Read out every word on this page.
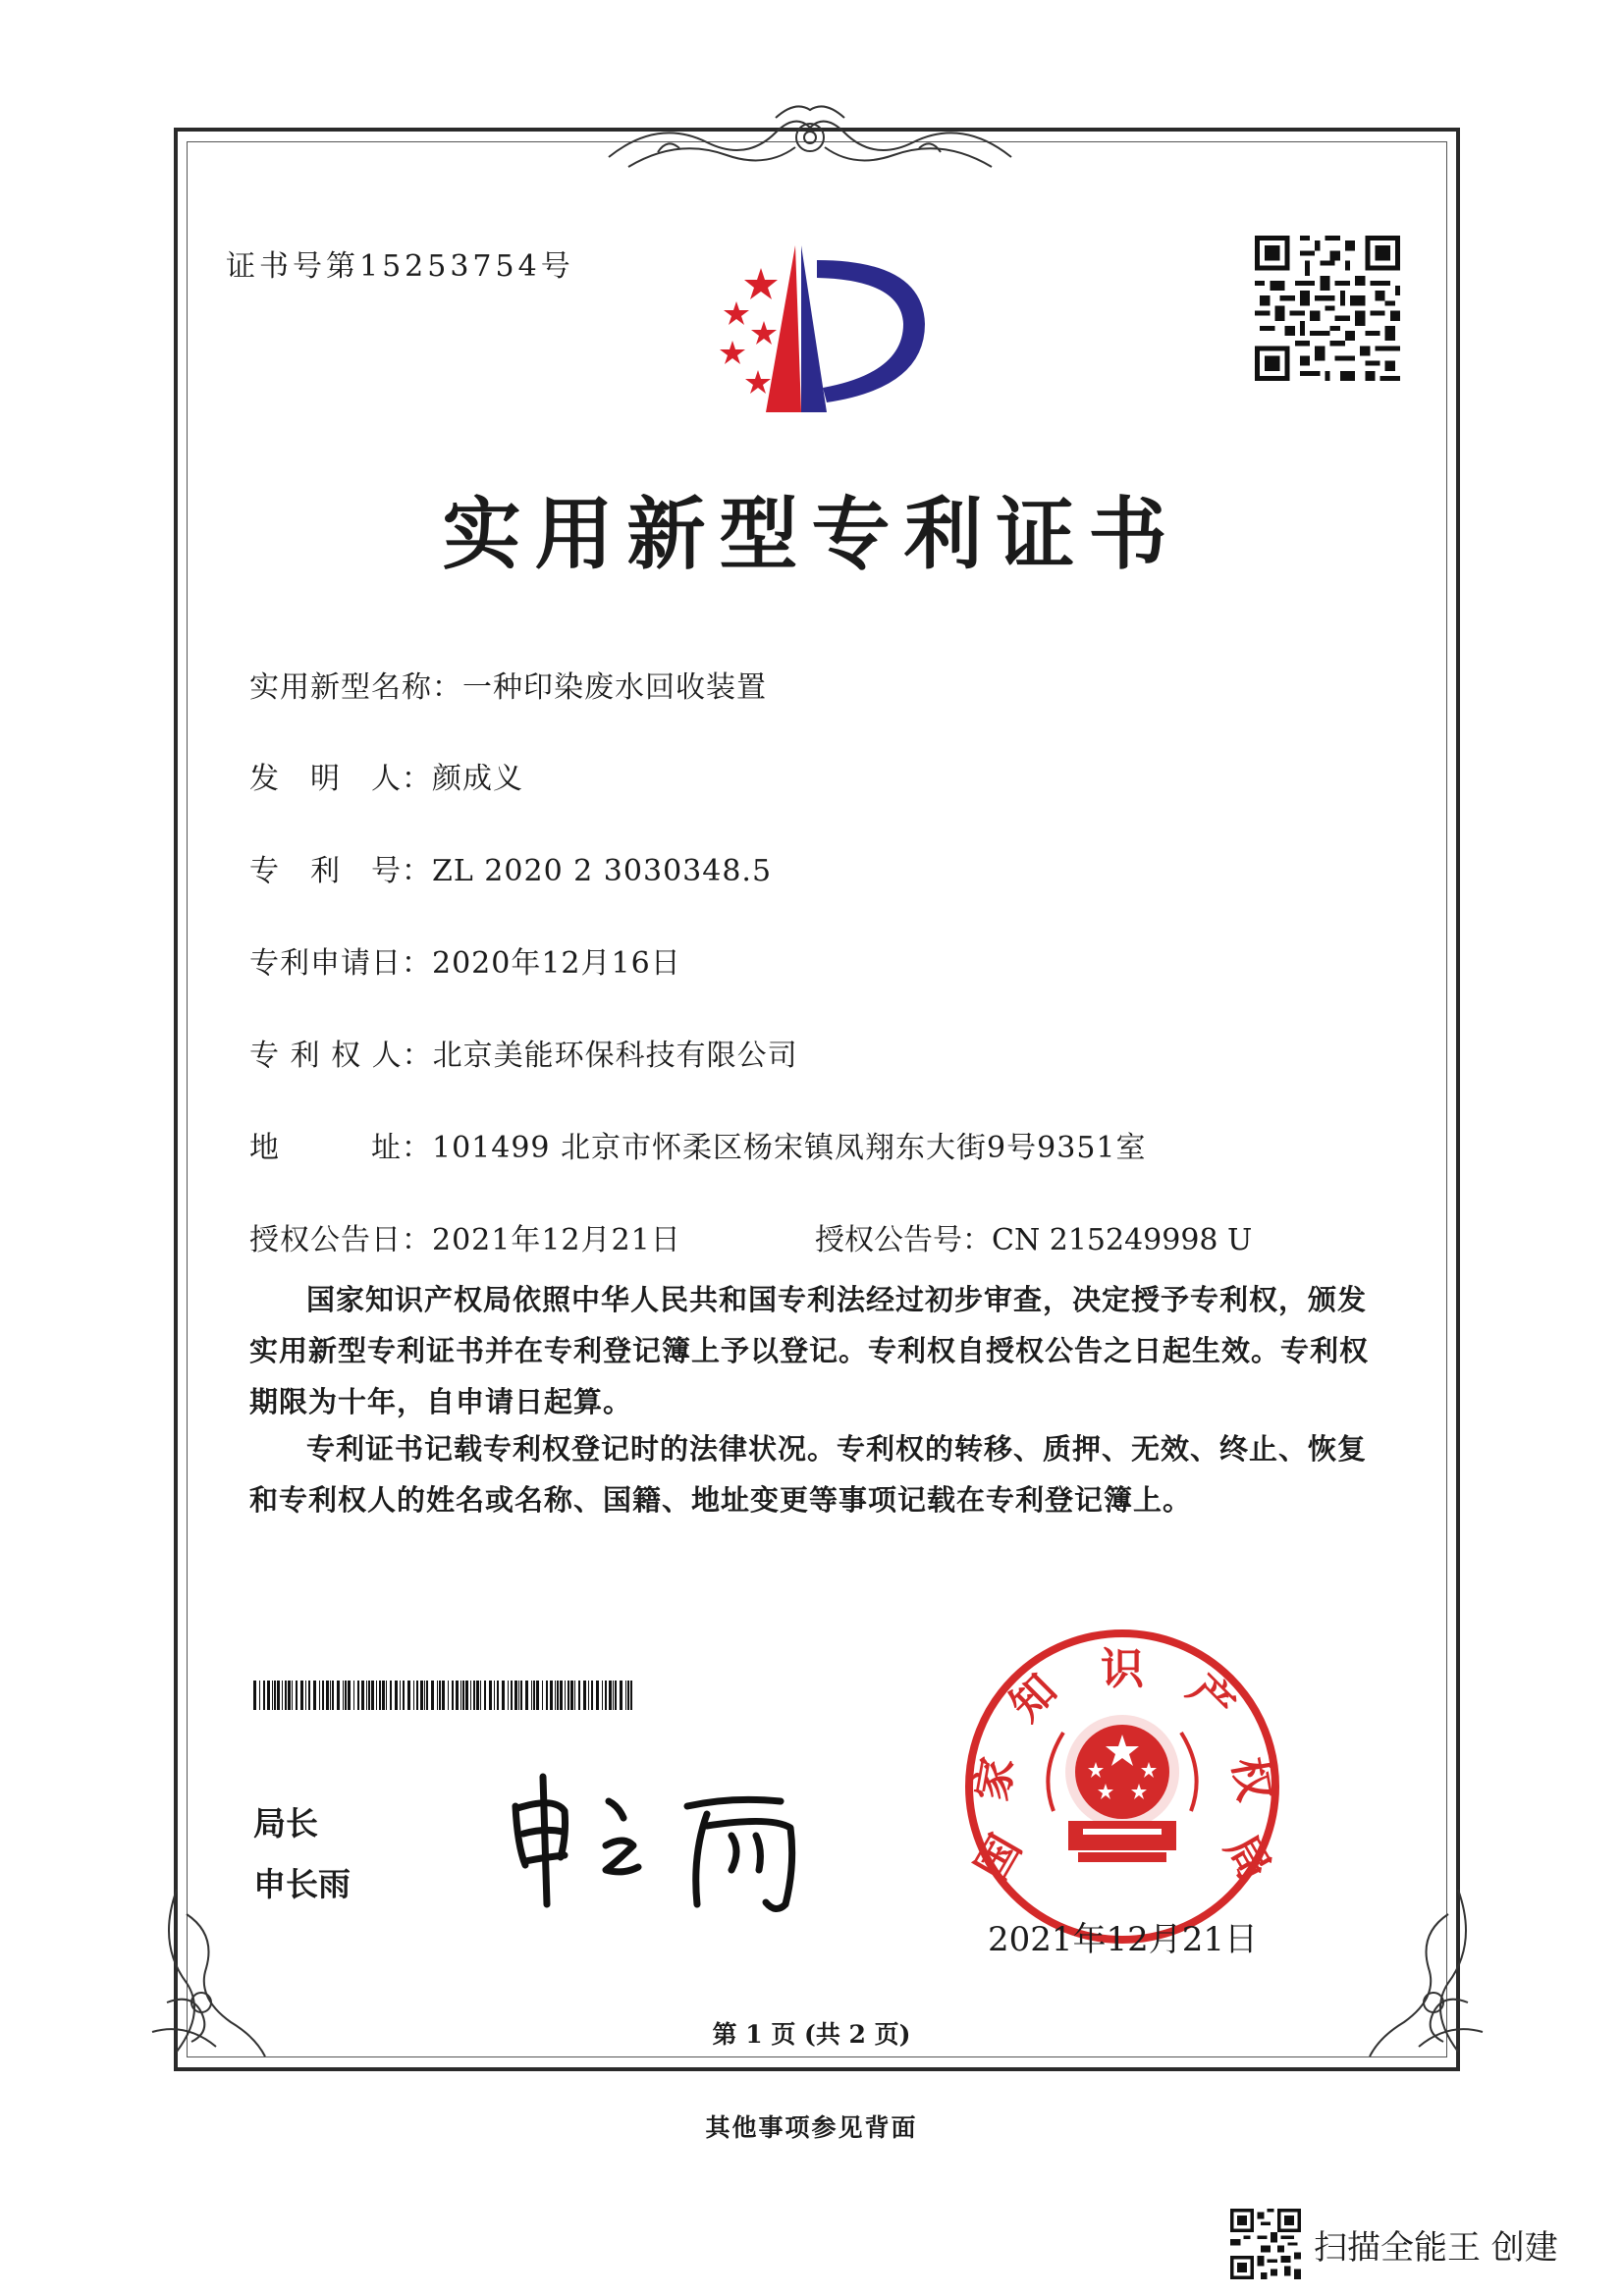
证书号第15253754号
实用新型专利证书
实用新型名称：一种印染废水回收装置
发　明　人：颜成义
专　利　号：ZL 2020 2 3030348.5
专利申请日：2020年12月16日
专 利 权 人：北京美能环保科技有限公司
地　　　址：101499 北京市怀柔区杨宋镇凤翔东大街9号9351室
授权公告日：2021年12月21日	授权公告号：CN 215249998 U
国家知识产权局依照中华人民共和国专利法经过初步审查，决定授予专利权，颁发实用新型专利证书并在专利登记簿上予以登记。专利权自授权公告之日起生效。专利权期限为十年，自申请日起算。
专利证书记载专利权登记时的法律状况。专利权的转移、质押、无效、终止、恢复和专利权人的姓名或名称、国籍、地址变更等事项记载在专利登记簿上。
局长
申长雨	国
家
知 识 产
权
局
2021年12月21日
第 1 页 (共 2 页)
其他事项参见背面
扫描全能王 创建
